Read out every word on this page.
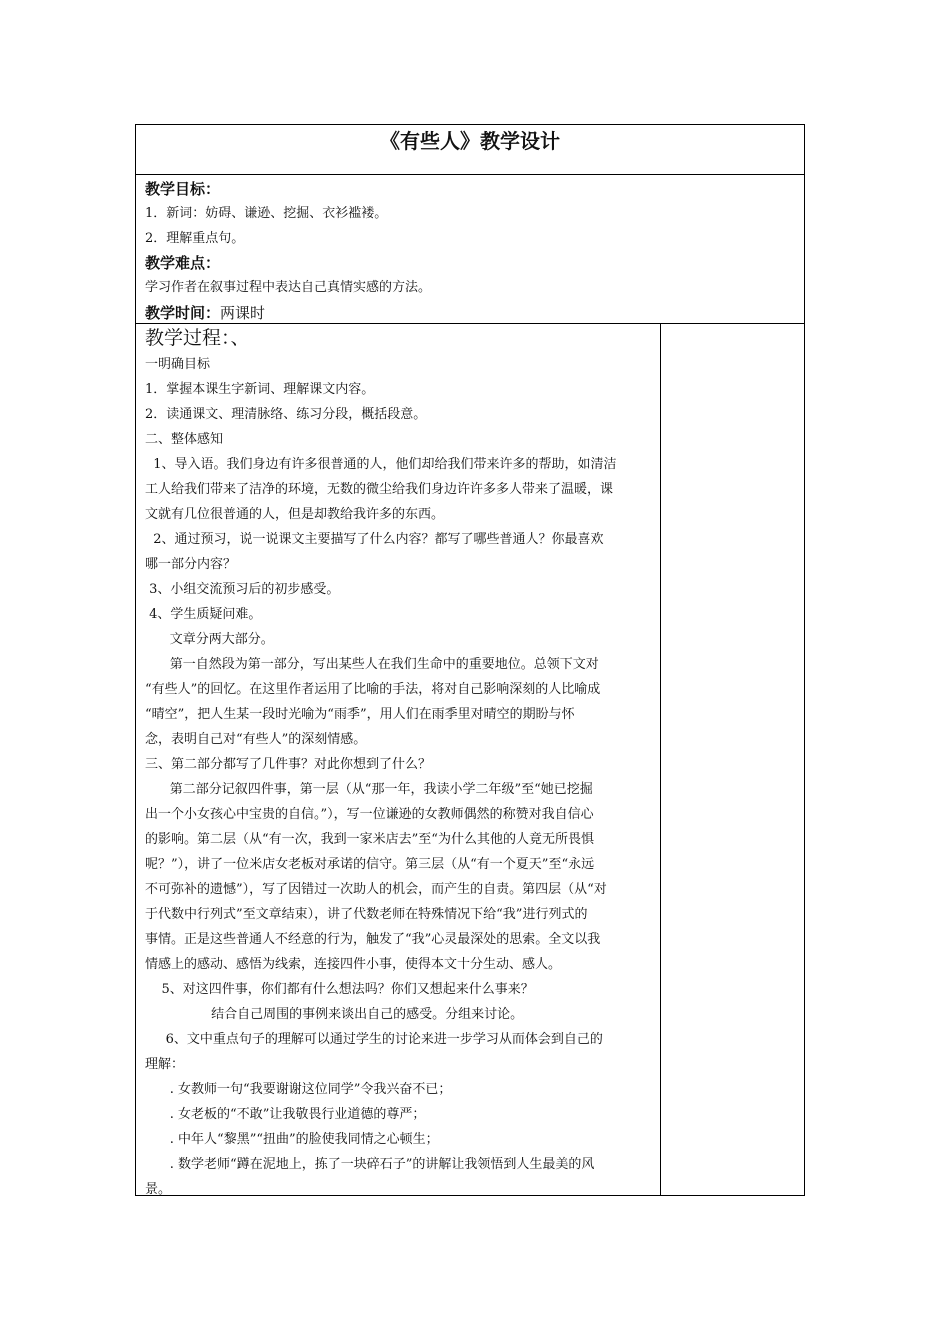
《有些人》教学设计
教学目标：
1．新词：妨碍、谦逊、挖掘、衣衫褴褛。
2．理解重点句。
教学难点：
学习作者在叙事过程中表达自己真情实感的方法。
教学时间：两课时
教学过程：、
一明确目标
1．掌握本课生字新词、理解课文内容。
2．读通课文、理清脉络、练习分段，概括段意。
二、整体感知
1、导入语。我们身边有许多很普通的人，他们却给我们带来许多的帮助，如清洁
工人给我们带来了洁净的环境，无数的微尘给我们身边许许多多人带来了温暖，课
文就有几位很普通的人，但是却教给我许多的东西。
2、通过预习，说一说课文主要描写了什么内容？都写了哪些普通人？你最喜欢
哪一部分内容？
3、小组交流预习后的初步感受。
4、学生质疑问难。
文章分两大部分。
第一自然段为第一部分，写出某些人在我们生命中的重要地位。总领下文对
“有些人”的回忆。在这里作者运用了比喻的手法，将对自己影响深刻的人比喻成
“晴空”，把人生某一段时光喻为“雨季”，用人们在雨季里对晴空的期盼与怀
念，表明自己对“有些人”的深刻情感。
三、第二部分都写了几件事？对此你想到了什么？
第二部分记叙四件事，第一层（从“那一年，我读小学二年级”至“她已挖掘
出一个小女孩心中宝贵的自信。”），写一位谦逊的女教师偶然的称赞对我自信心
的影响。第二层（从“有一次，我到一家米店去”至“为什么其他的人竟无所畏惧
呢？”），讲了一位米店女老板对承诺的信守。第三层（从“有一个夏天”至“永远
不可弥补的遗憾”），写了因错过一次助人的机会，而产生的自责。第四层（从“对
于代数中行列式”至文章结束），讲了代数老师在特殊情况下给“我”进行列式的
事情。正是这些普通人不经意的行为，触发了“我”心灵最深处的思索。全文以我
情感上的感动、感悟为线索，连接四件小事，使得本文十分生动、感人。
5、对这四件事，你们都有什么想法吗？你们又想起来什么事来？
结合自己周围的事例来谈出自己的感受。分组来讨论。
6、文中重点句子的理解可以通过学生的讨论来进一步学习从而体会到自己的
理解：
. 女教师一句“我要谢谢这位同学”令我兴奋不已；
. 女老板的“不敢”让我敬畏行业道德的尊严；
. 中年人“黎黑”“扭曲”的脸使我同情之心顿生；
. 数学老师“蹲在泥地上，拣了一块碎石子”的讲解让我领悟到人生最美的风
景。
